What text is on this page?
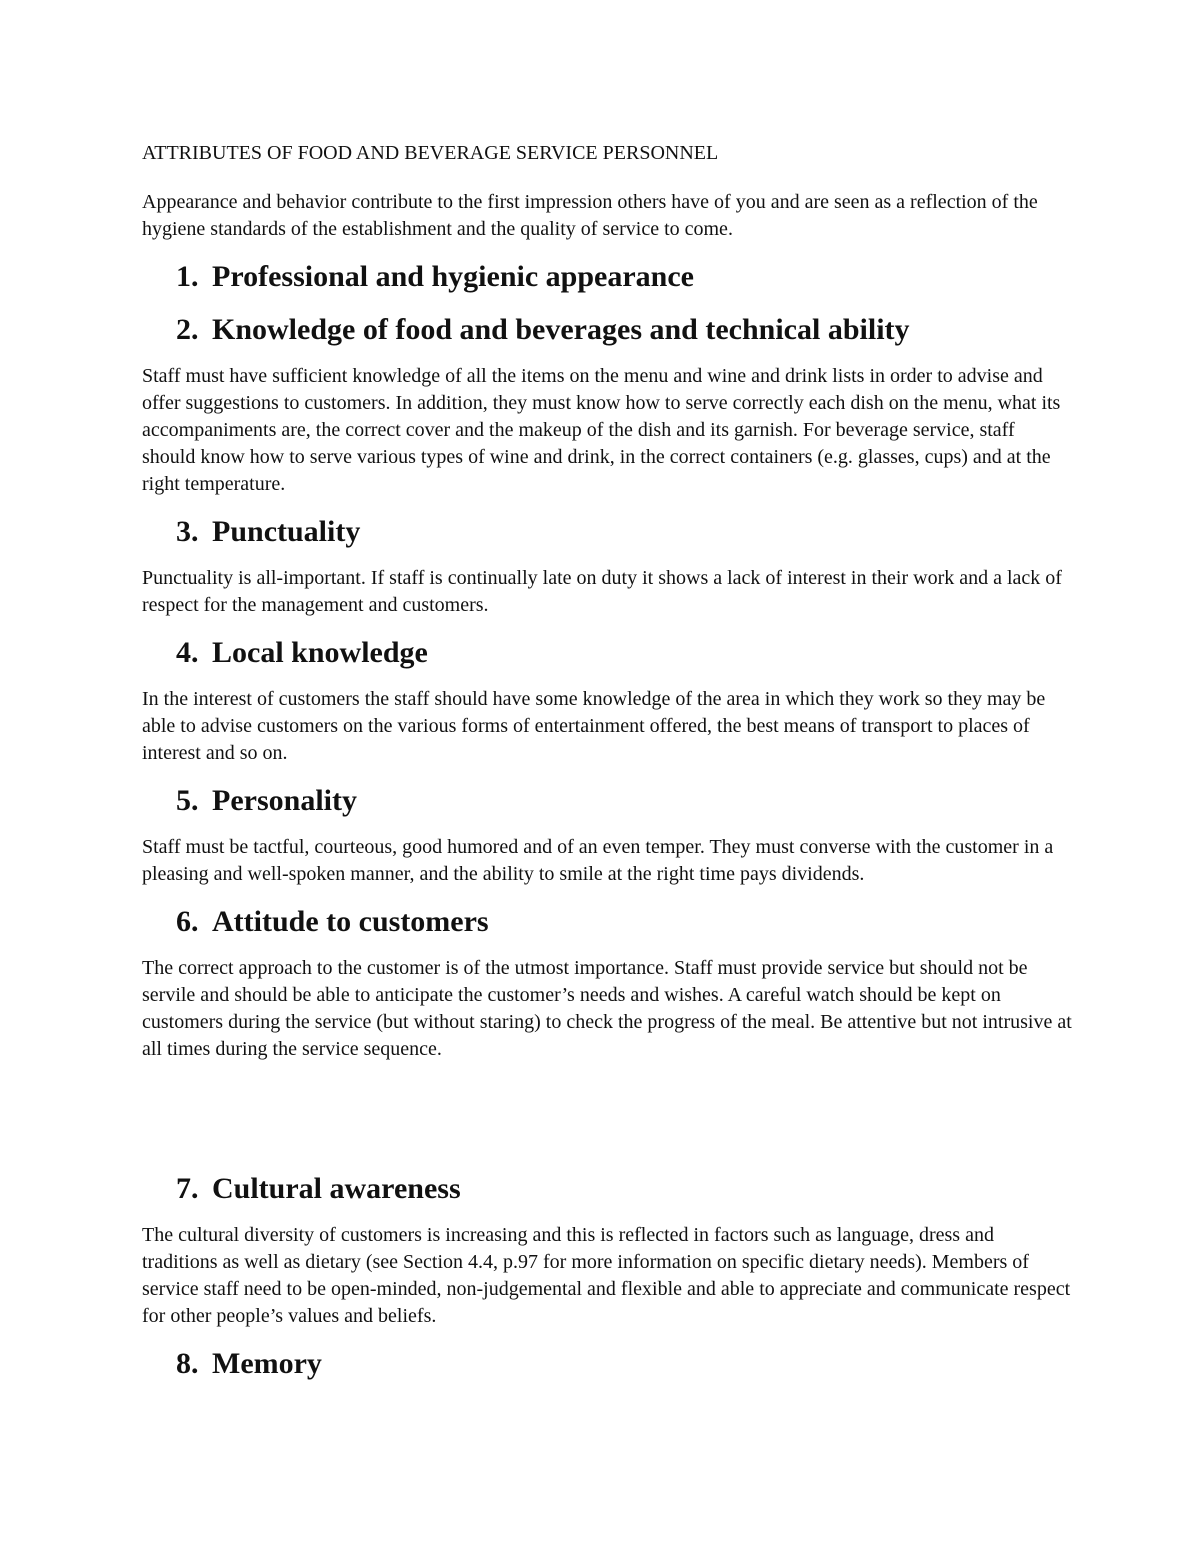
ATTRIBUTES OF FOOD AND BEVERAGE SERVICE PERSONNEL

Appearance and behavior contribute to the first impression others have of you and are seen as a reflection of the hygiene standards of the establishment and the quality of service to come.

1. Professional and hygienic appearance
2. Knowledge of food and beverages and technical ability

Staff must have sufficient knowledge of all the items on the menu and wine and drink lists in order to advise and offer suggestions to customers. In addition, they must know how to serve correctly each dish on the menu, what its accompaniments are, the correct cover and the makeup of the dish and its garnish. For beverage service, staff should know how to serve various types of wine and drink, in the correct containers (e.g. glasses, cups) and at the right temperature.

3. Punctuality

Punctuality is all-important. If staff is continually late on duty it shows a lack of interest in their work and a lack of respect for the management and customers.

4. Local knowledge

In the interest of customers the staff should have some knowledge of the area in which they work so they may be able to advise customers on the various forms of entertainment offered, the best means of transport to places of interest and so on.

5. Personality

Staff must be tactful, courteous, good humored and of an even temper. They must converse with the customer in a pleasing and well-spoken manner, and the ability to smile at the right time pays dividends.

6. Attitude to customers

The correct approach to the customer is of the utmost importance. Staff must provide service but should not be servile and should be able to anticipate the customer’s needs and wishes. A careful watch should be kept on customers during the service (but without staring) to check the progress of the meal. Be attentive but not intrusive at all times during the service sequence.

7. Cultural awareness

The cultural diversity of customers is increasing and this is reflected in factors such as language, dress and traditions as well as dietary (see Section 4.4, p.97 for more information on specific dietary needs). Members of service staff need to be open-minded, non-judgemental and flexible and able to appreciate and communicate respect for other people’s values and beliefs.

8. Memory
